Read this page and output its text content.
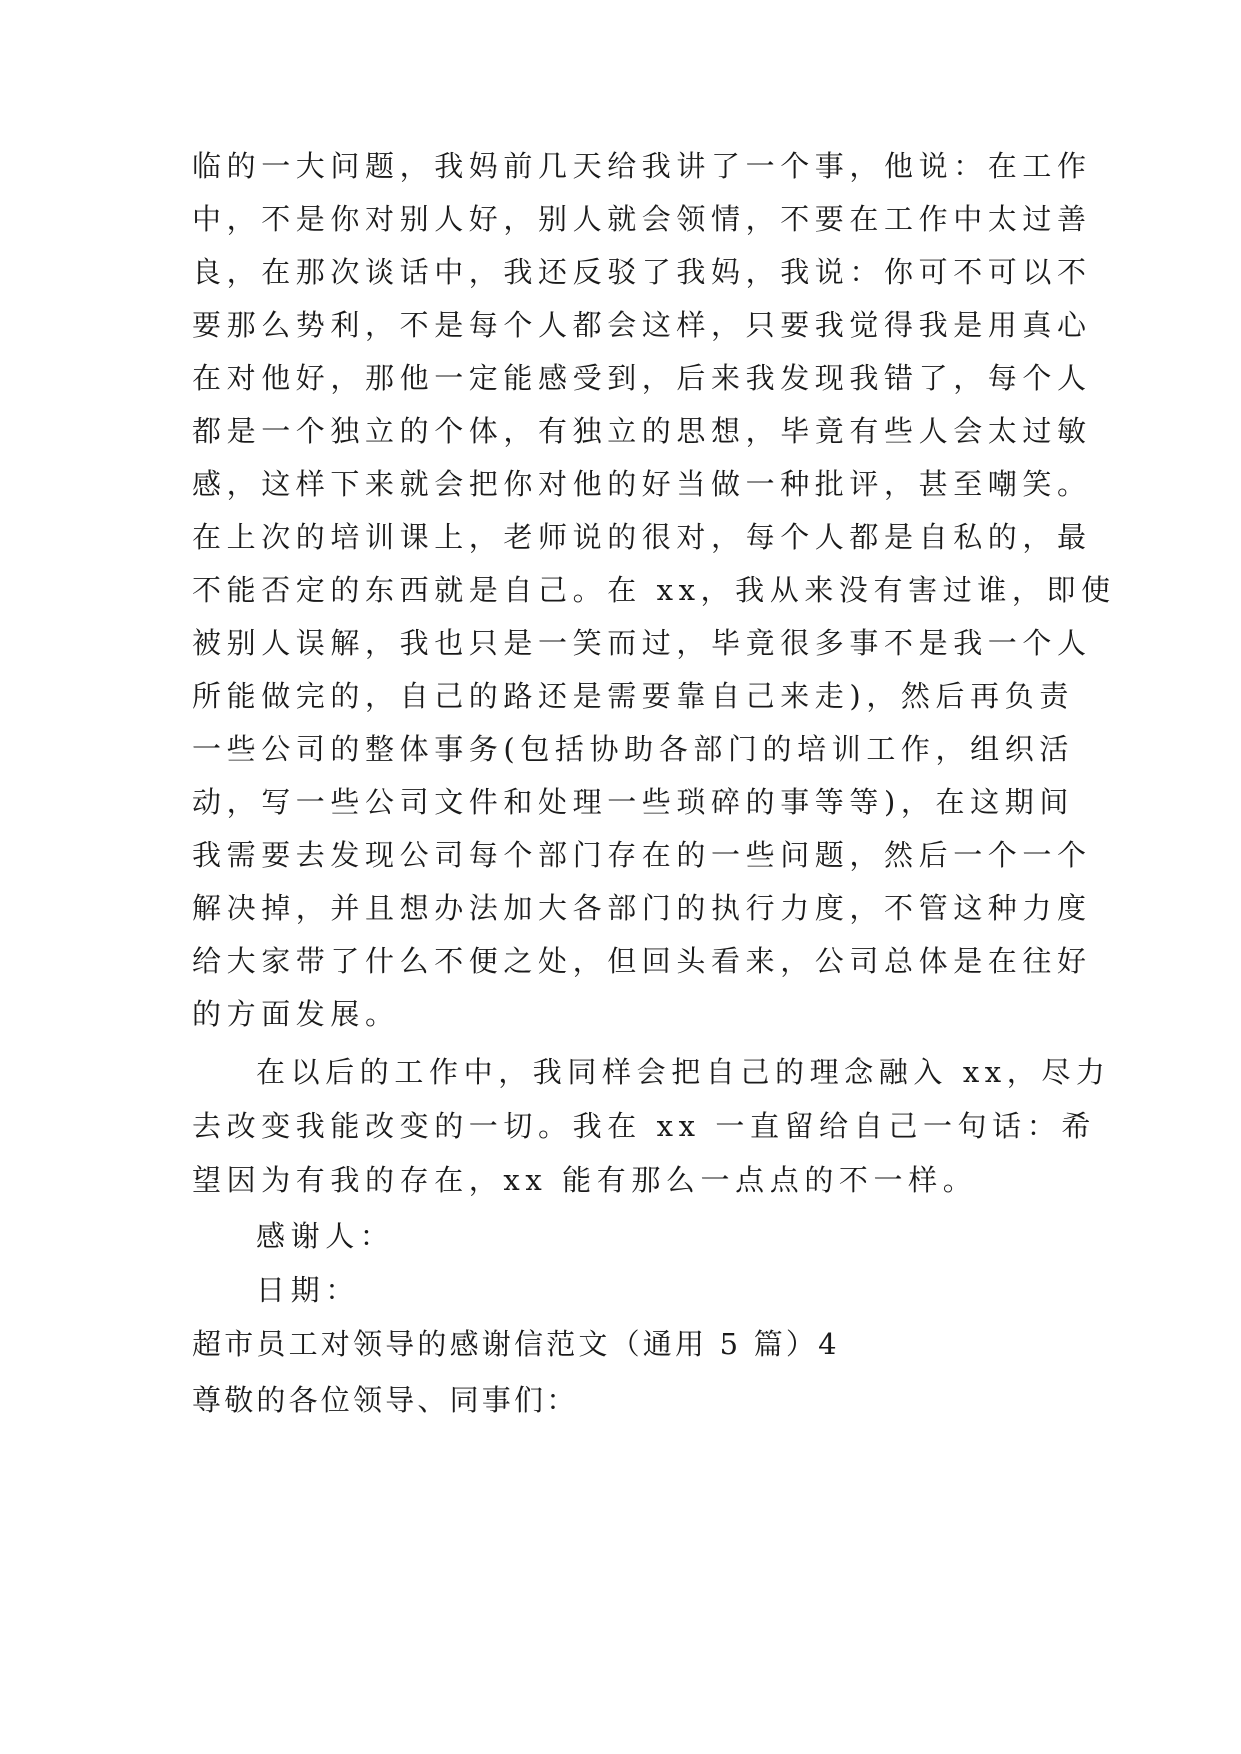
临的一大问题，我妈前几天给我讲了一个事，他说：在工作
中，不是你对别人好，别人就会领情，不要在工作中太过善
良，在那次谈话中，我还反驳了我妈，我说：你可不可以不
要那么势利，不是每个人都会这样，只要我觉得我是用真心
在对他好，那他一定能感受到，后来我发现我错了，每个人
都是一个独立的个体，有独立的思想，毕竟有些人会太过敏
感，这样下来就会把你对他的好当做一种批评，甚至嘲笑。
在上次的培训课上，老师说的很对，每个人都是自私的，最
不能否定的东西就是自己。在 xx，我从来没有害过谁，即使
被别人误解，我也只是一笑而过，毕竟很多事不是我一个人
所能做完的，自己的路还是需要靠自己来走)，然后再负责
一些公司的整体事务(包括协助各部门的培训工作，组织活
动，写一些公司文件和处理一些琐碎的事等等)，在这期间
我需要去发现公司每个部门存在的一些问题，然后一个一个
解决掉，并且想办法加大各部门的执行力度，不管这种力度
给大家带了什么不便之处，但回头看来，公司总体是在往好
的方面发展。
在以后的工作中，我同样会把自己的理念融入 xx，尽力
去改变我能改变的一切。我在 xx 一直留给自己一句话：希
望因为有我的存在，xx 能有那么一点点的不一样。
感谢人：
日期：
超市员工对领导的感谢信范文（通用 5 篇）4
尊敬的各位领导、同事们：
